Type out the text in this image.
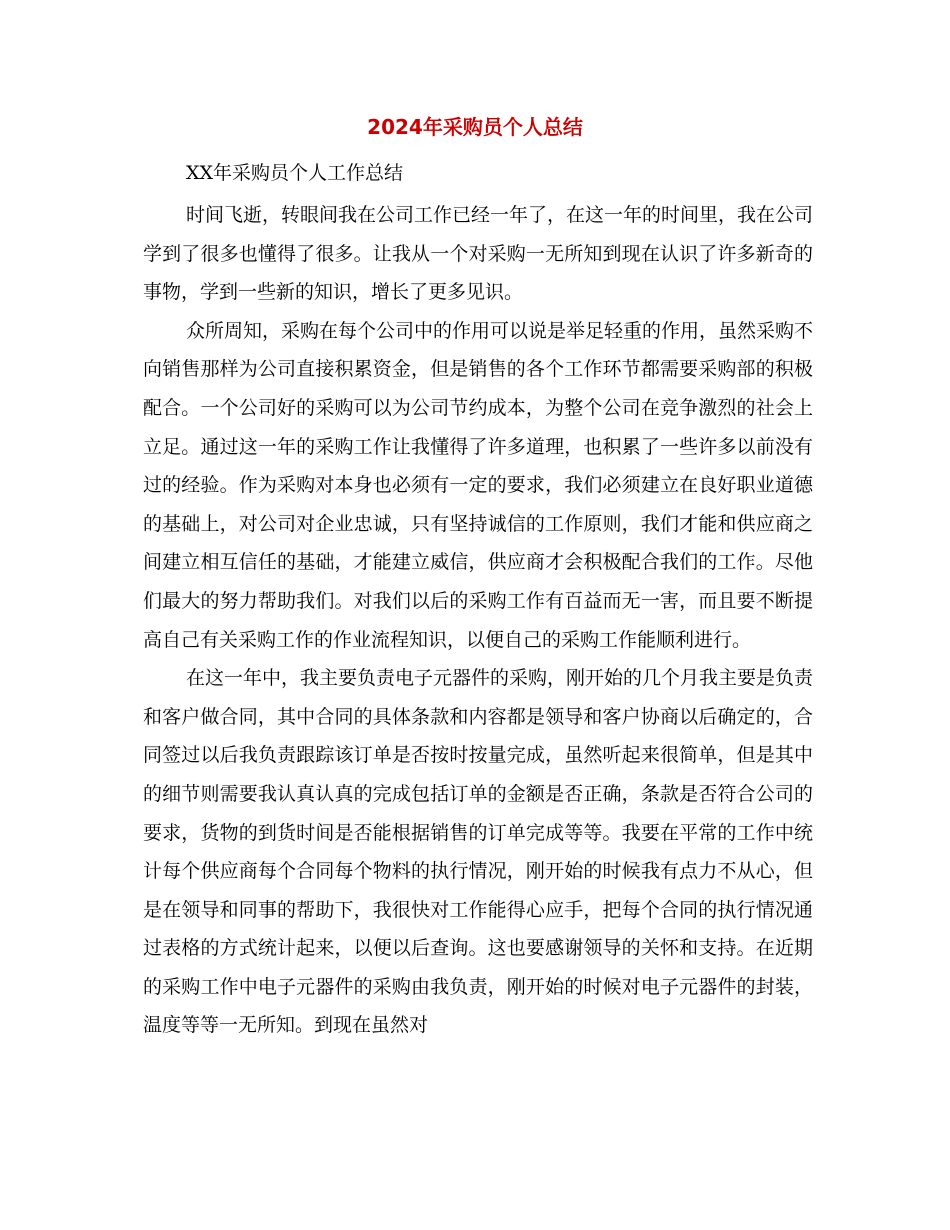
2024年采购员个人总结

XX年采购员个人工作总结

时间飞逝，转眼间我在公司工作已经一年了，在这一年的时间里，我在公司学到了很多也懂得了很多。让我从一个对采购一无所知到现在认识了许多新奇的事物，学到一些新的知识，增长了更多见识。

众所周知，采购在每个公司中的作用可以说是举足轻重的作用，虽然采购不向销售那样为公司直接积累资金，但是销售的各个工作环节都需要采购部的积极配合。一个公司好的采购可以为公司节约成本，为整个公司在竞争激烈的社会上立足。通过这一年的采购工作让我懂得了许多道理，也积累了一些许多以前没有过的经验。作为采购对本身也必须有一定的要求，我们必须建立在良好职业道德的基础上，对公司对企业忠诚，只有坚持诚信的工作原则，我们才能和供应商之间建立相互信任的基础，才能建立威信，供应商才会积极配合我们的工作。尽他们最大的努力帮助我们。对我们以后的采购工作有百益而无一害，而且要不断提高自己有关采购工作的作业流程知识，以便自己的采购工作能顺利进行。

在这一年中，我主要负责电子元器件的采购，刚开始的几个月我主要是负责和客户做合同，其中合同的具体条款和内容都是领导和客户协商以后确定的，合同签过以后我负责跟踪该订单是否按时按量完成，虽然听起来很简单，但是其中的细节则需要我认真认真的完成包括订单的金额是否正确，条款是否符合公司的要求，货物的到货时间是否能根据销售的订单完成等等。我要在平常的工作中统计每个供应商每个合同每个物料的执行情况，刚开始的时候我有点力不从心，但是在领导和同事的帮助下，我很快对工作能得心应手，把每个合同的执行情况通过表格的方式统计起来，以便以后查询。这也要感谢领导的关怀和支持。在近期的采购工作中电子元器件的采购由我负责，刚开始的时候对电子元器件的封装，温度等等一无所知。到现在虽然对
